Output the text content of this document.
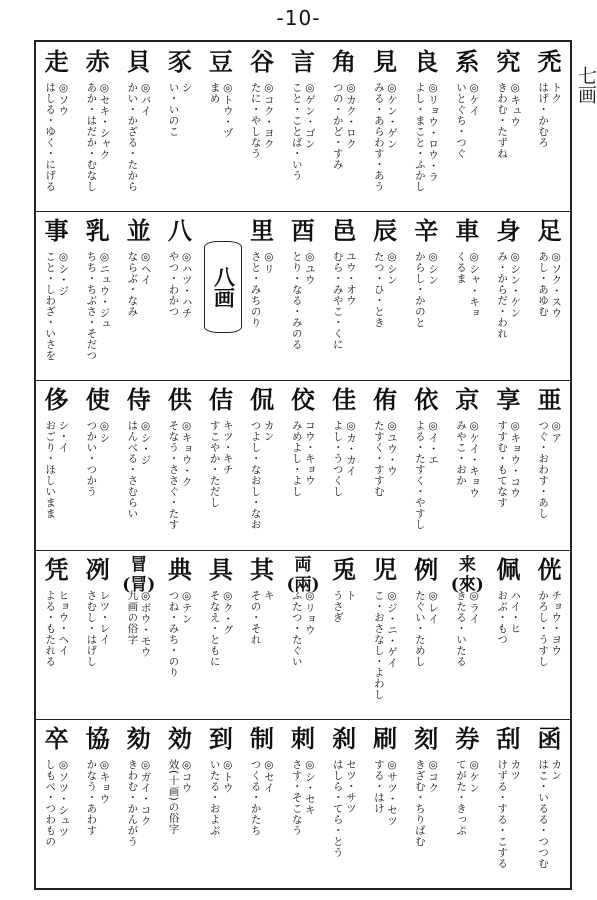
-10-
七画
禿
トク
はげ・かむろ
究
◎キュウ
きわむ・たずね
系
◎ケイ
いとぐち・つぐ
良
◎リョウ・ロウ・ラ
よし・まこと・ふかし
見
◎ケン・ゲン
みる・あらわす・あう
角
◎カク・ロク
つの・かど・すみ
言
◎ゲン・ゴン
こと・ことば・いう
谷
◎コク・ヨク
たに・やしなう
豆
◎トウ・ヅ
まめ
豕
シ
い・いのこ
貝
◎バイ
かい・かざる・たから
赤
◎セキ・シャク
あか・はだか・むなし
走
◎ソウ
はしる・ゆく・にげる
足
◎ソク・スウ
あし・あゆむ
身
◎シン・ケン
み・からだ・われ
車
◎シャ・キョ
くるま
辛
◎シン
からし・かのと
辰
◎シン
たつ・ひ・とき
邑
ユウ・オウ
むら・みやこ・くに
酉
◎ユウ
とり・なる・みのる
里
◎リ
さと・みちのり
八画
八
◎ハツ・ハチ
やつ・わかつ
並
◎ヘイ
ならぶ・なみ
乳
◎ニュウ・ジュ
ちち・ちぶさ・そだつ
事
◎シ・ジ
こと・しわざ・いさを
亜
◎ア
つぐ・おわす・あし
享
◎キョウ・コウ
すすむ・もてなす
京
◎ケイ・キョウ
みやこ・おか
依
◎イ・エ
よる・たすく・やすし
侑
◎ユウ・ウ
たすく・すすむ
佳
◎カ・カイ
よし・うつくし
佼
コウ・キョウ
みめよし・よし
侃
カン
つよし・なおし・なお
佶
キツ・キチ
すこやか・ただし
供
◎キョウ・ク
そなう・ささぐ・たす
侍
◎シ・ジ
はんべる・さむらい
使
◎シ
つかい・つかう
侈
シ・イ
おごり・ほしいまま
侊
チョウ・ヨウ
かろし・うすし
佩
ハイ・ヒ
おぶ・もつ
来(來)
◎ライ
きたる・いたる
例
◎レイ
たぐい・ためし
児
◎ジ・ニ・ゲイ
こ・おさなし・よわし
兎
ト
うさぎ
両(兩)
◎リョウ
ふたつ・たぐい
其
キ
その・それ
具
◎ク・グ
そなえ・ともに
典
◎テン
つね・みち・のり
冒(冐)
◎ボウ・モウ
九画の俗字
冽
レツ・レイ
さむし・はげし
凭
ヒョウ・ヘイ
よる・もたれる
函
カン
はこ・いるる・つつむ
刮
カツ
けずる・する・こする
券
◎ケン
てがた・きっぷ
刻
◎コク
きざむ・ちりばむ
刷
◎サツ・セツ
する・はけ
刹
セツ・サツ
はしら・てら・とう
刺
◎シ・セキ
さす・そこなう
制
◎セイ
つくる・かたち
到
◎トウ
いたる・およぶ
効
◎コウ
效(十画)の俗字
劾
◎ガイ・コク
きわむ・かんがう
協
◎キョウ
かなう・あわす
卒
◎ソツ・シュツ
しもべ・つわもの
